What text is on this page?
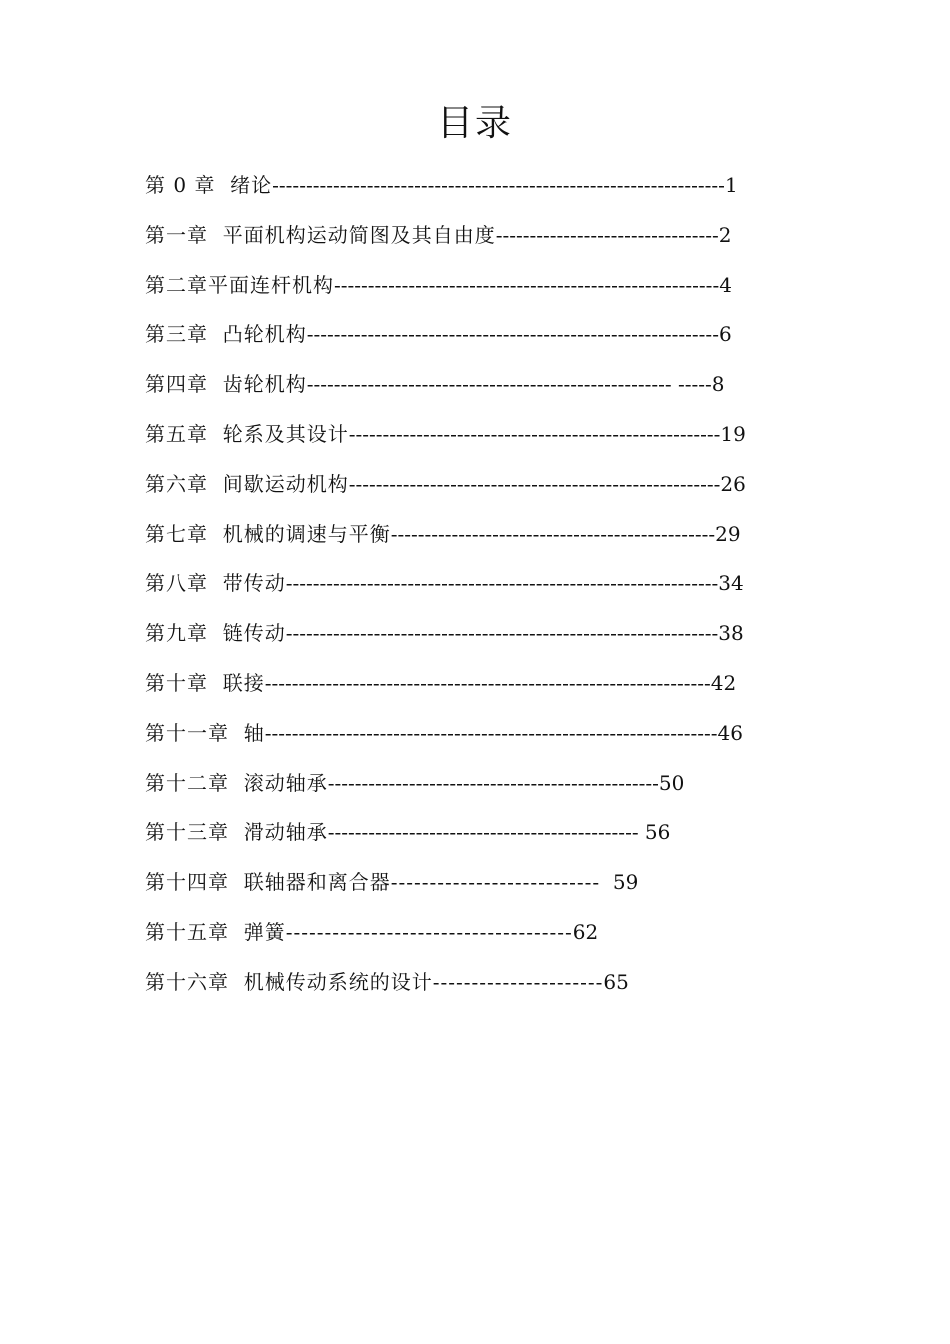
目录
第 0 章  绪论-------------------------------------------------------------------1
第一章  平面机构运动简图及其自由度---------------------------------2
第二章平面连杆机构---------------------------------------------------------4
第三章  凸轮机构-------------------------------------------------------------6
第四章  齿轮机构------------------------------------------------------ -----8
第五章  轮系及其设计-------------------------------------------------------19
第六章  间歇运动机构-------------------------------------------------------26
第七章  机械的调速与平衡------------------------------------------------29
第八章  带传动----------------------------------------------------------------34
第九章  链传动----------------------------------------------------------------38
第十章  联接------------------------------------------------------------------42
第十一章  轴-------------------------------------------------------------------46
第十二章  滚动轴承-------------------------------------------------50
第十三章  滑动轴承---------------------------------------------- 56
第十四章  联轴器和离合器---------------------------  59
第十五章  弹簧-------------------------------------62
第十六章  机械传动系统的设计----------------------65
